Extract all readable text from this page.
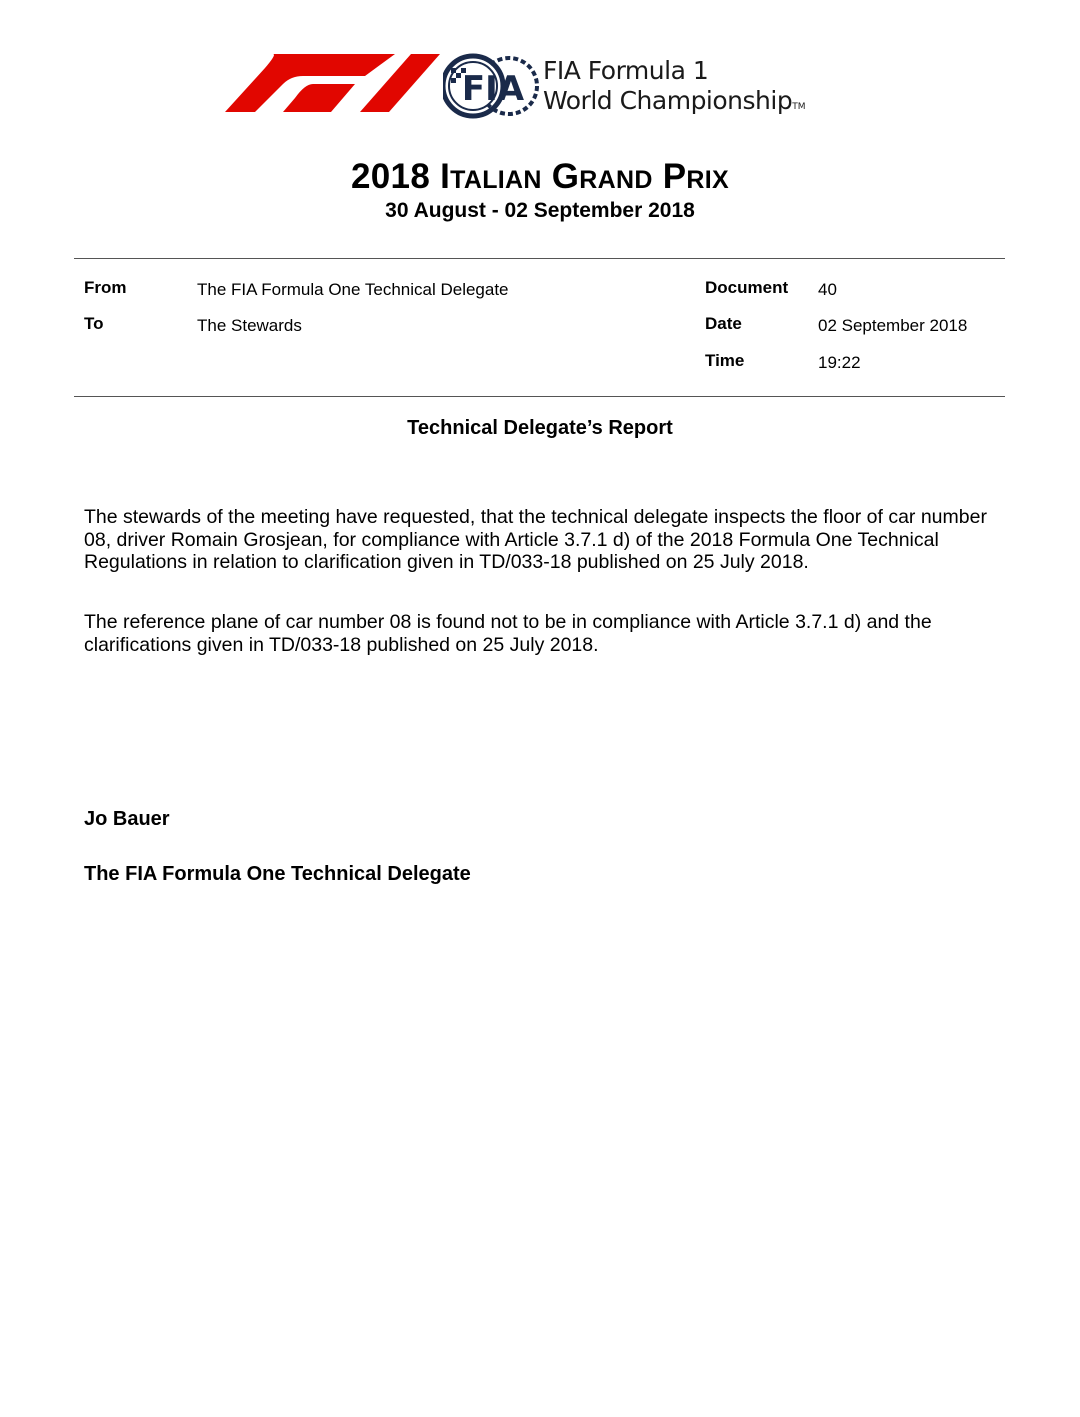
FIA FIA Formula 1
World ChampionshipTM
2018 Italian Grand Prix
30 August - 02 September 2018
From	The FIA Formula One Technical Delegate
To	The Stewards
Document 40
Date	02 September 2018
Time	19:22
Technical Delegate’s Report
The stewards of the meeting have requested, that the technical delegate inspects the floor of car number 08, driver Romain Grosjean, for compliance with Article 3.7.1 d) of the 2018 Formula One Technical Regulations in relation to clarification given in TD/033-18 published on 25 July 2018.
The reference plane of car number 08 is found not to be in compliance with Article 3.7.1 d) and the clarifications given in TD/033-18 published on 25 July 2018.
Jo Bauer
The FIA Formula One Technical Delegate
